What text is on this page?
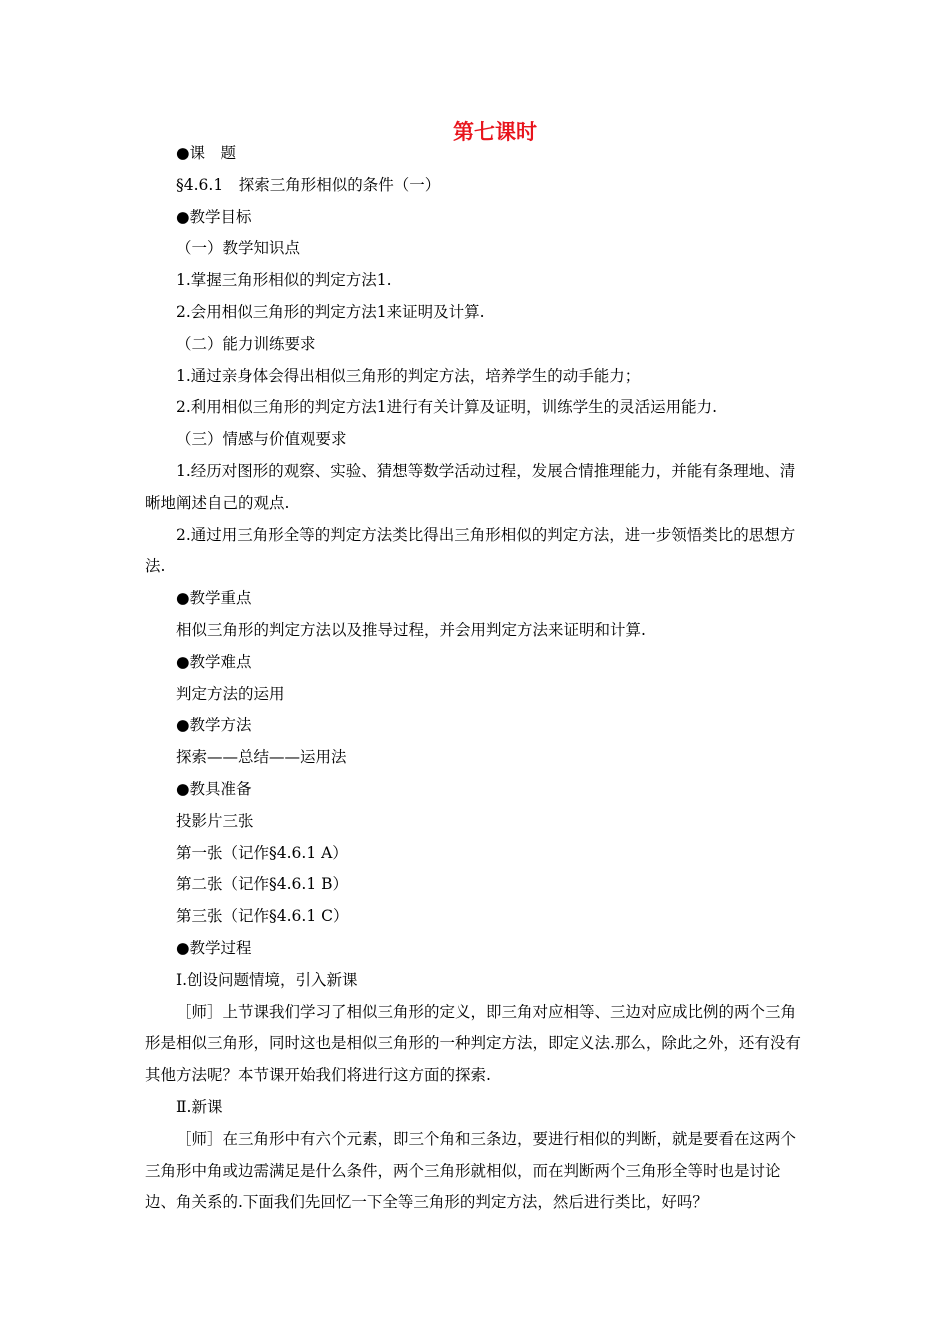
第七课时
●课　题
§4.6.1　探索三角形相似的条件（一）
●教学目标
（一）教学知识点
1.掌握三角形相似的判定方法1.
2.会用相似三角形的判定方法1来证明及计算.
（二）能力训练要求
1.通过亲身体会得出相似三角形的判定方法，培养学生的动手能力；
2.利用相似三角形的判定方法1进行有关计算及证明，训练学生的灵活运用能力.
（三）情感与价值观要求
1.经历对图形的观察、实验、猜想等数学活动过程，发展合情推理能力，并能有条理地、清晰地阐述自己的观点.
2.通过用三角形全等的判定方法类比得出三角形相似的判定方法，进一步领悟类比的思想方法.
●教学重点
相似三角形的判定方法以及推导过程，并会用判定方法来证明和计算.
●教学难点
判定方法的运用
●教学方法
探索——总结——运用法
●教具准备
投影片三张
第一张（记作§4.6.1 A）
第二张（记作§4.6.1 B）
第三张（记作§4.6.1 C）
●教学过程
Ⅰ.创设问题情境，引入新课
［师］上节课我们学习了相似三角形的定义，即三角对应相等、三边对应成比例的两个三角形是相似三角形，同时这也是相似三角形的一种判定方法，即定义法.那么，除此之外，还有没有其他方法呢？本节课开始我们将进行这方面的探索.
Ⅱ.新课
［师］在三角形中有六个元素，即三个角和三条边，要进行相似的判断，就是要看在这两个三角形中角或边需满足是什么条件，两个三角形就相似，而在判断两个三角形全等时也是讨论边、角关系的.下面我们先回忆一下全等三角形的判定方法，然后进行类比，好吗？
